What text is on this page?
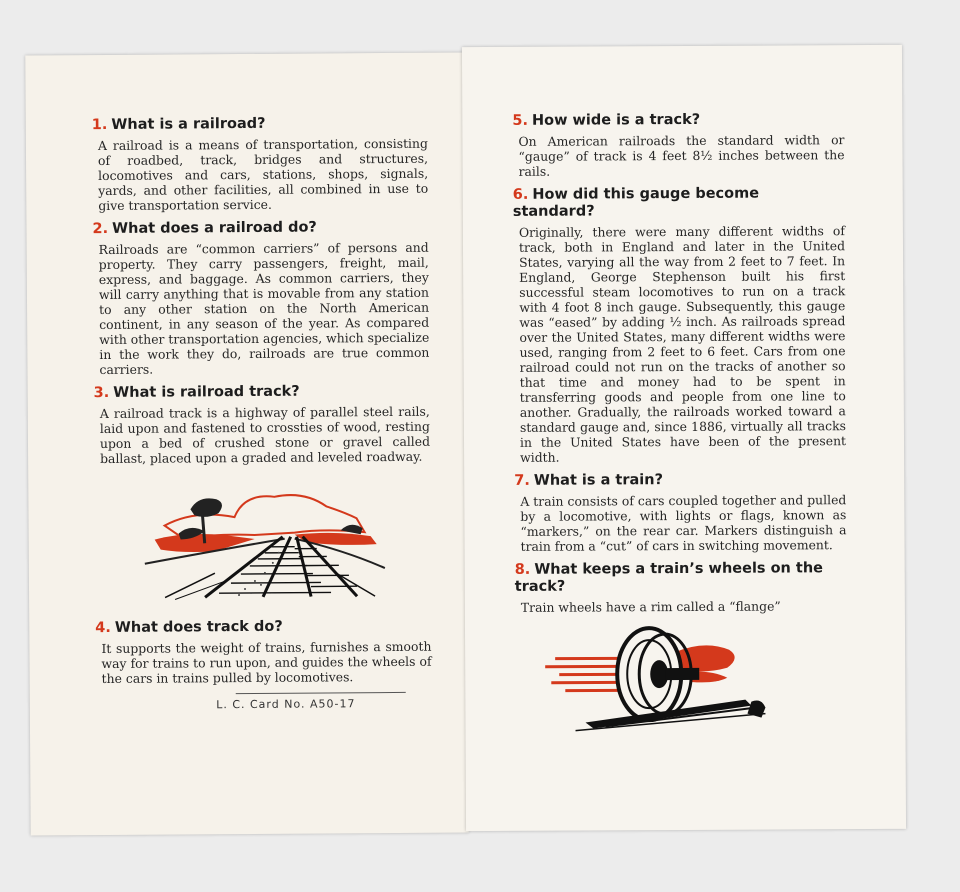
1. What is a railroad?
A railroad is a means of transportation, consisting of roadbed, track, bridges and structures, locomotives and cars, stations, shops, signals, yards, and other facilities, all combined in use to give transportation service.
2. What does a railroad do?
Railroads are “common carriers” of persons and property. They carry passengers, freight, mail, express, and baggage. As common carriers, they will carry anything that is movable from any station to any other station on the North American continent, in any season of the year. As compared with other transportation agencies, which specialize in the work they do, railroads are true common carriers.
3. What is railroad track?
A railroad track is a highway of parallel steel rails, laid upon and fastened to crossties of wood, resting upon a bed of crushed stone or gravel called ballast, placed upon a graded and leveled roadway.
4. What does track do?
It supports the weight of trains, furnishes a smooth way for trains to run upon, and guides the wheels of the cars in trains pulled by locomotives.
L. C. Card No. A50-17
5. How wide is a track?
On American railroads the standard width or “gauge” of track is 4 feet 8½ inches between the rails.
6. How did this gauge become standard?
Originally, there were many different widths of track, both in England and later in the United States, varying all the way from 2 feet to 7 feet. In England, George Stephenson built his first successful steam locomotives to run on a track with 4 foot 8 inch gauge. Subsequently, this gauge was “eased” by adding ½ inch. As railroads spread over the United States, many different widths were used, ranging from 2 feet to 6 feet. Cars from one railroad could not run on the tracks of another so that time and money had to be spent in transferring goods and people from one line to another. Gradually, the railroads worked toward a standard gauge and, since 1886, virtually all tracks in the United States have been of the present width.
7. What is a train?
A train consists of cars coupled together and pulled by a locomotive, with lights or flags, known as “markers,” on the rear car. Markers distinguish a train from a “cut” of cars in switching movement.
8. What keeps a train’s wheels on the track?
Train wheels have a rim called a “flange”
